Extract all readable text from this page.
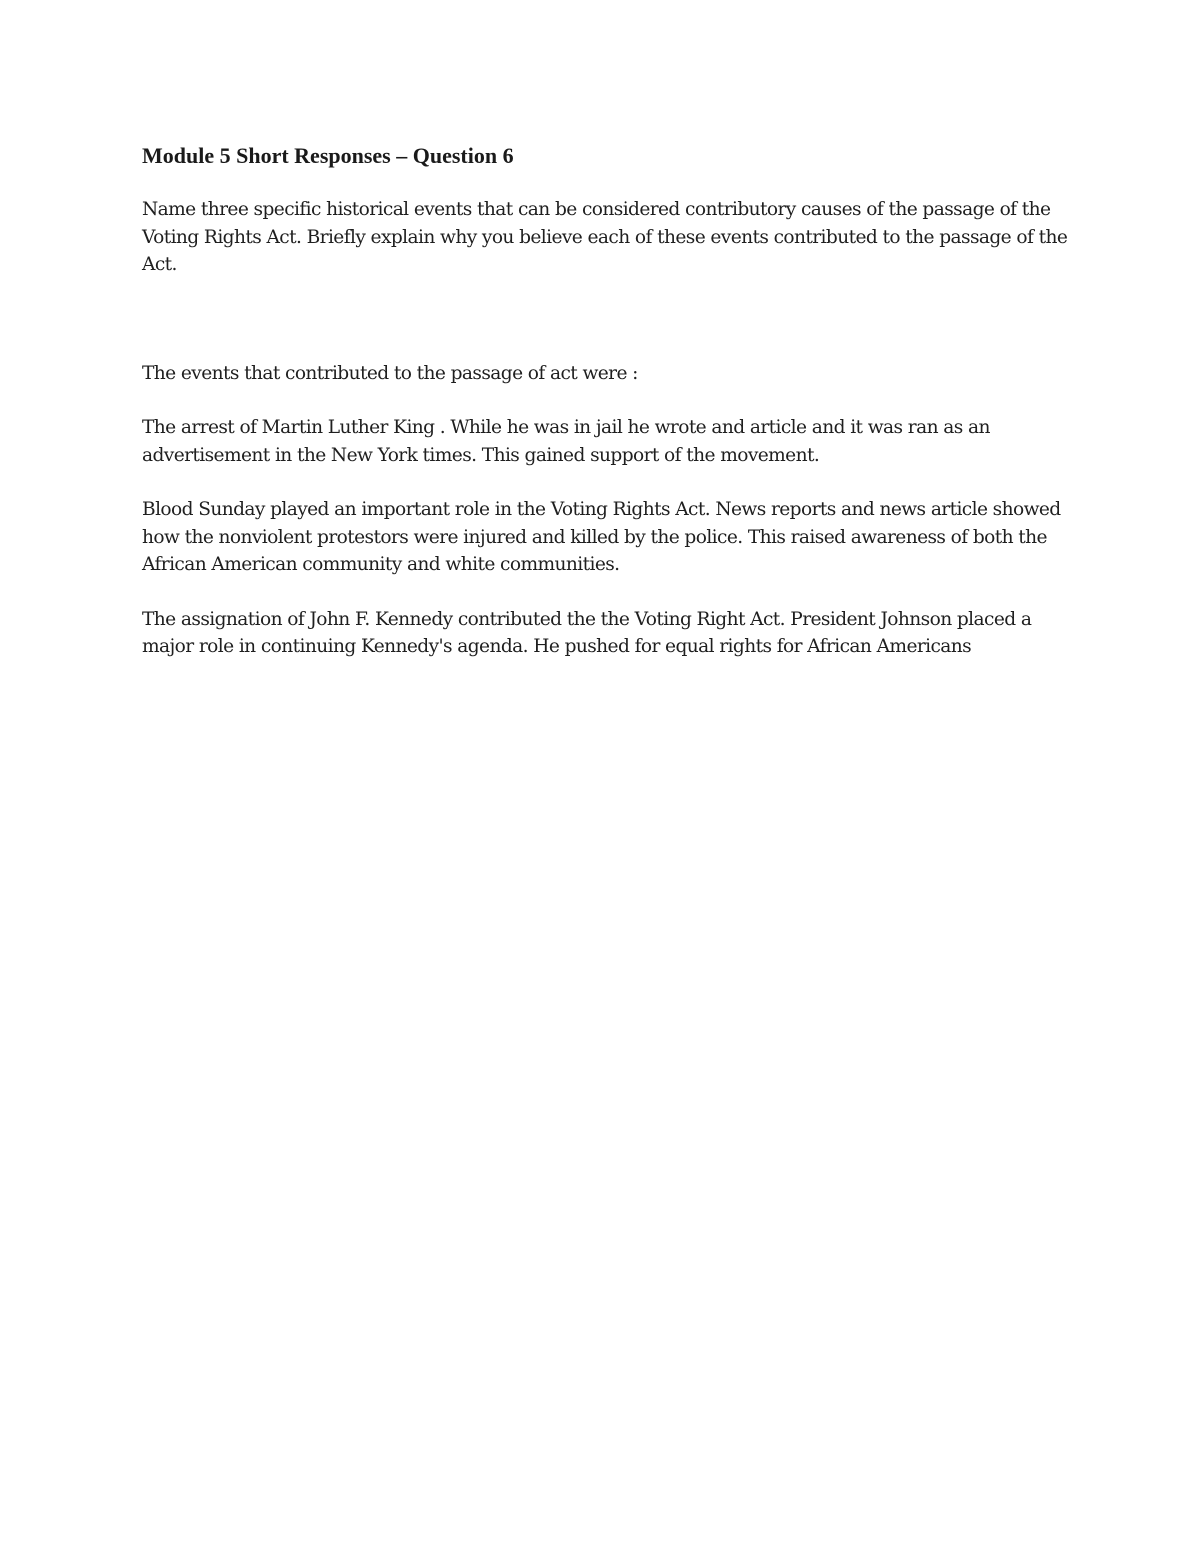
Module 5 Short Responses – Question 6

Name three specific historical events that can be considered contributory causes of the passage of the Voting Rights Act. Briefly explain why you believe each of these events contributed to the passage of the Act.

The events that contributed to the passage of act were :

The arrest of Martin Luther King . While he was in jail he wrote and article and it was ran as an advertisement in the New York times. This gained support of the movement.

Blood Sunday played an important role in the Voting Rights Act. News reports and news article showed how the nonviolent protestors were injured and killed by the police. This raised awareness of both the African American community and white communities.

The assignation of John F. Kennedy contributed the the Voting Right Act. President Johnson placed a major role in continuing Kennedy's agenda. He pushed for equal rights for African Americans
